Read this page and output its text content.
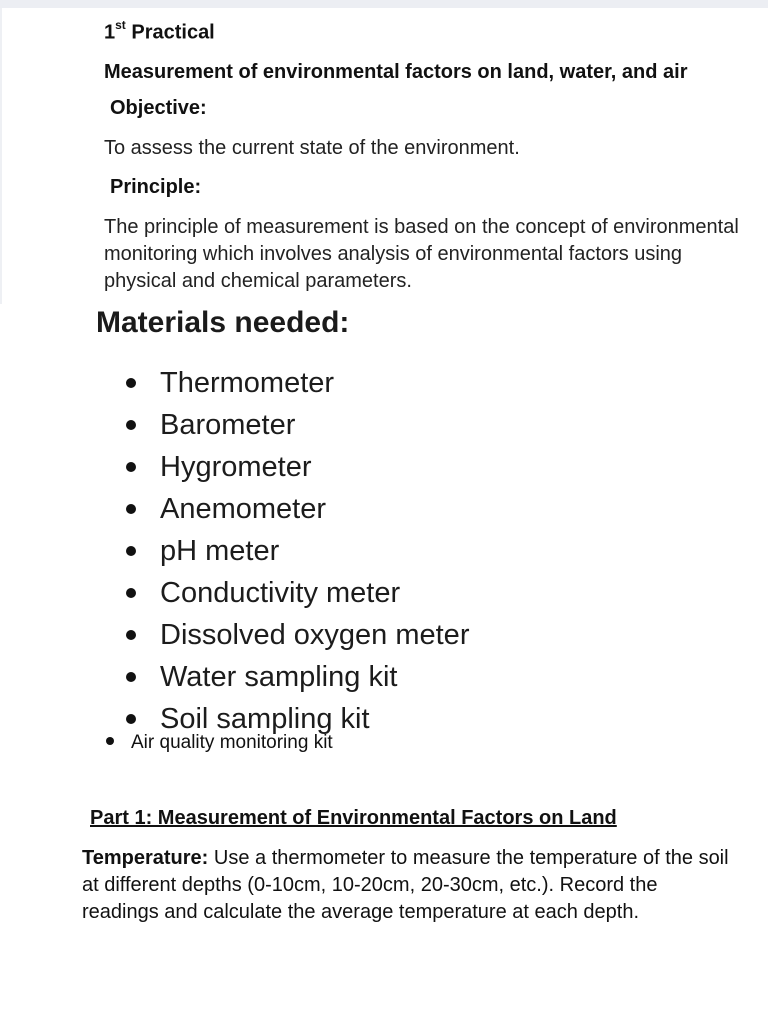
1st Practical
Measurement of environmental factors on land, water, and air
Objective:
To assess the current state of the environment.
Principle:
The principle of measurement is based on the concept of environmental monitoring which involves analysis of environmental factors using physical and chemical parameters.
Materials needed:
Thermometer
Barometer
Hygrometer
Anemometer
pH meter
Conductivity meter
Dissolved oxygen meter
Water sampling kit
Soil sampling kit
Air quality monitoring kit
Part 1: Measurement of Environmental Factors on Land
Temperature: Use a thermometer to measure the temperature of the soil at different depths (0-10cm, 10-20cm, 20-30cm, etc.). Record the readings and calculate the average temperature at each depth.
